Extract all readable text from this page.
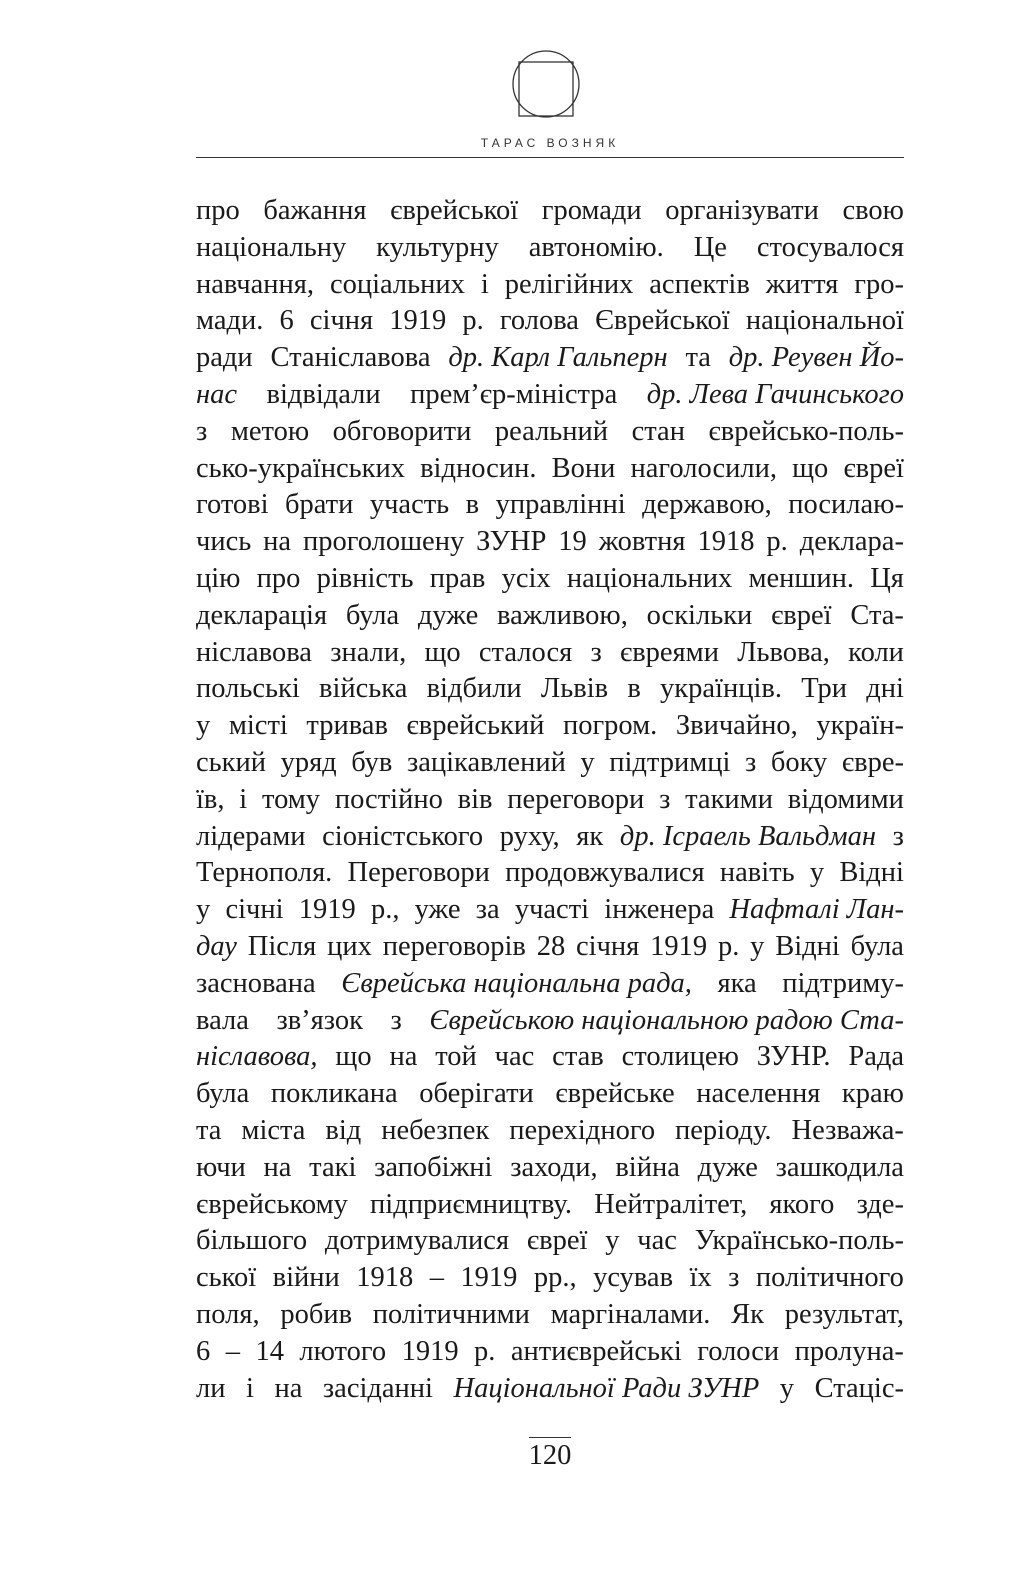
ТАРАС ВОЗНЯК
про бажання єврейської громади організувати свою
національну культурну автономію. Це стосувалося
навчання, соціальних і релігійних аспектів життя гро-
мади. 6 січня 1919 р. голова Єврейської національної
ради Станіславова др. Карл Гальперн та др. Реувен Йо-
нас відвідали прем’єр-міністра др. Лева Гачинського
з метою обговорити реальний стан єврейсько-поль-
сько-українських відносин. Вони наголосили, що євреї
готові брати участь в управлінні державою, посилаю-
чись на проголошену ЗУНР 19 жовтня 1918 р. деклара-
цію про рівність прав усіх національних меншин. Ця
декларація була дуже важливою, оскільки євреї Ста-
ніславова знали, що сталося з євреями Львова, коли
польські війська відбили Львів в українців. Три дні
у місті тривав єврейський погром. Звичайно, україн-
ський уряд був зацікавлений у підтримці з боку євре-
їв, і тому постійно вів переговори з такими відомими
лідерами сіоністського руху, як др. Ісраель Вальдман з
Тернополя. Переговори продовжувалися навіть у Відні
у січні 1919 р., уже за участі інженера Нафталі Лан-
дау Після цих переговорів 28 січня 1919 р. у Відні була
заснована Єврейська національна рада, яка підтриму-
вала зв’язок з Єврейською національною радою Ста-
ніславова, що на той час став столицею ЗУНР. Рада
була покликана оберігати єврейське населення краю
та міста від небезпек перехідного періоду. Незважа-
ючи на такі запобіжні заходи, війна дуже зашкодила
єврейському підприємництву. Нейтралітет, якого зде-
більшого дотримувалися євреї у час Українсько-поль-
ської війни 1918 – 1919 рр., усував їх з політичного
поля, робив політичними маргіналами. Як результат,
6 – 14 лютого 1919 р. антиєврейські голоси пролуна-
ли і на засіданні Національної Ради ЗУНР у Стаціс-
120
